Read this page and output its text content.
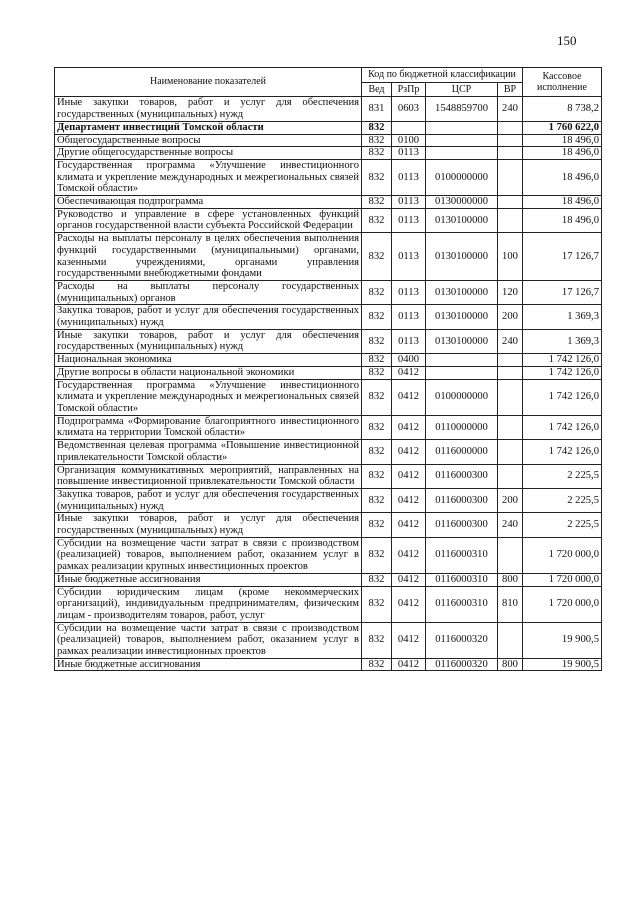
150
Наименование показателей	Код по бюджетной классификации				Кассовое исполнение
	Вед	РзПр	ЦСР	ВР	
Иные закупки товаров, работ и услуг для обеспечения государственных (муниципальных) нужд	831	0603	1548859700	240	8 738,2
Департамент инвестиций Томской области	832				1 760 622,0
Общегосударственные вопросы	832	0100			18 496,0
Другие общегосударственные вопросы	832	0113			18 496,0
Государственная программа «Улучшение инвестиционного климата и укрепление международных и межрегиональных связей Томской области»	832	0113	0100000000		18 496,0
Обеспечивающая подпрограмма	832	0113	0130000000		18 496,0
Руководство и управление в сфере установленных функций органов государственной власти субъекта Российской Федерации	832	0113	0130100000		18 496,0
Расходы на выплаты персоналу в целях обеспечения выполнения функций государственными (муниципальными) органами, казенными учреждениями, органами управления государственными внебюджетными фондами	832	0113	0130100000	100	17 126,7
Расходы на выплаты персоналу государственных (муниципальных) органов	832	0113	0130100000	120	17 126,7
Закупка товаров, работ и услуг для обеспечения государственных (муниципальных) нужд	832	0113	0130100000	200	1 369,3
Иные закупки товаров, работ и услуг для обеспечения государственных (муниципальных) нужд	832	0113	0130100000	240	1 369,3
Национальная экономика	832	0400			1 742 126,0
Другие вопросы в области национальной экономики	832	0412			1 742 126,0
Государственная программа «Улучшение инвестиционного климата и укрепление международных и межрегиональных связей Томской области»	832	0412	0100000000		1 742 126,0
Подпрограмма «Формирование благоприятного инвестиционного климата на территории Томской области»	832	0412	0110000000		1 742 126,0
Ведомственная целевая программа «Повышение инвестиционной привлекательности Томской области»	832	0412	0116000000		1 742 126,0
Организация коммуникативных мероприятий, направленных на повышение инвестиционной привлекательности Томской области	832	0412	0116000300		2 225,5
Закупка товаров, работ и услуг для обеспечения государственных (муниципальных) нужд	832	0412	0116000300	200	2 225,5
Иные закупки товаров, работ и услуг для обеспечения государственных (муниципальных) нужд	832	0412	0116000300	240	2 225,5
Субсидии на возмещение части затрат в связи с производством (реализацией) товаров, выполнением работ, оказанием услуг в рамках реализации крупных инвестиционных проектов	832	0412	0116000310		1 720 000,0
Иные бюджетные ассигнования	832	0412	0116000310	800	1 720 000,0
Субсидии юридическим лицам (кроме некоммерческих организаций), индивидуальным предпринимателям, физическим лицам - производителям товаров, работ, услуг	832	0412	0116000310	810	1 720 000,0
Субсидии на возмещение части затрат в связи с производством (реализацией) товаров, выполнением работ, оказанием услуг в рамках реализации инвестиционных проектов	832	0412	0116000320		19 900,5
Иные бюджетные ассигнования	832	0412	0116000320	800	19 900,5
